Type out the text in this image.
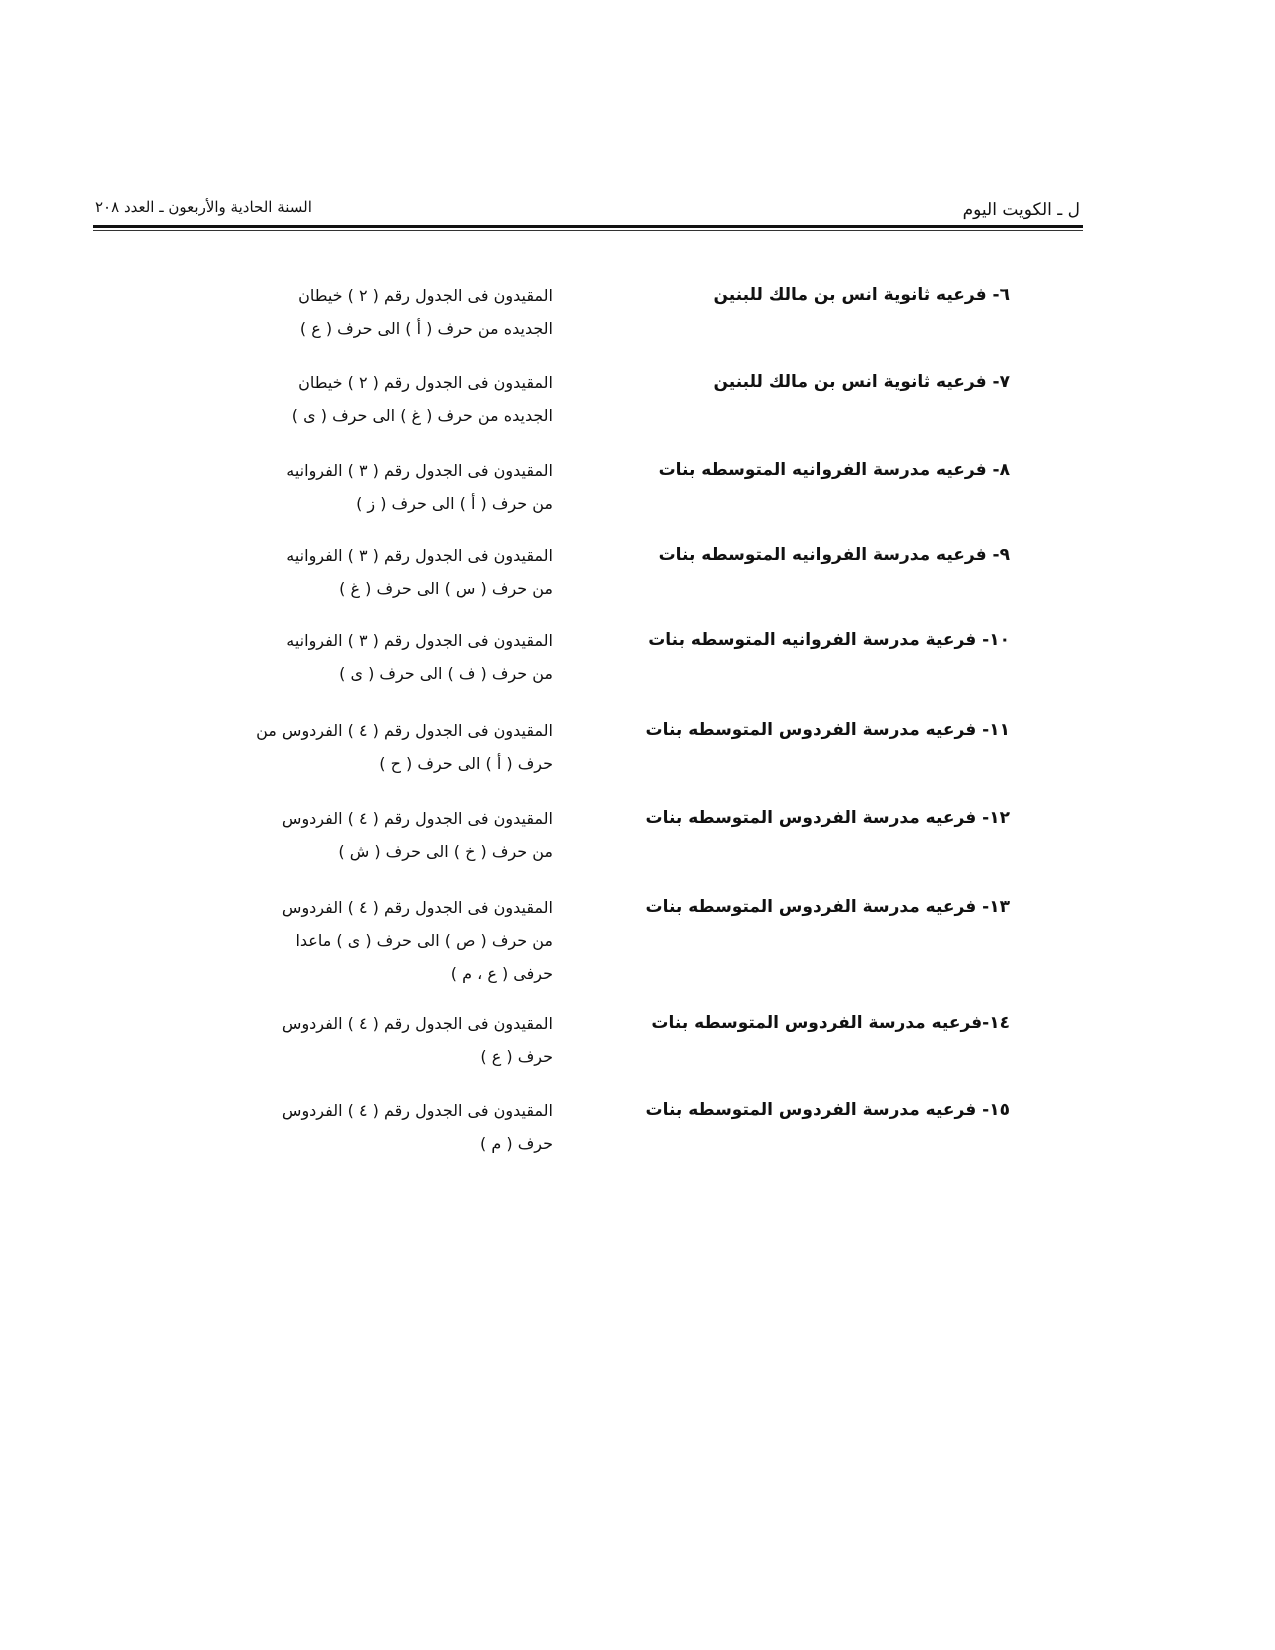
ل ـ الكويت اليوم
السنة الحادية والأربعون ـ العدد ٢٠٨
٦- فرعيه ثانوية انس بن مالك للبنين
المقيدون فى الجدول رقم ( ٢ ) خيطان
الجديده من حرف ( أ ) الى حرف ( ع )
٧- فرعيه ثانوية انس بن مالك للبنين
المقيدون فى الجدول رقم ( ٢ ) خيطان
الجديده من حرف ( غ ) الى حرف ( ى )
٨- فرعيه مدرسة الفروانيه المتوسطه بنات
المقيدون فى الجدول رقم ( ٣ ) الفروانيه
من حرف ( أ ) الى حرف ( ز )
٩- فرعيه مدرسة الفروانيه المتوسطه بنات
المقيدون فى الجدول رقم ( ٣ ) الفروانيه
من حرف ( س ) الى حرف ( غ )
١٠- فرعية مدرسة الفروانيه المتوسطه بنات
المقيدون فى الجدول رقم ( ٣ ) الفروانيه
من حرف ( ف ) الى حرف ( ى )
١١- فرعيه مدرسة الفردوس المتوسطه بنات
المقيدون فى الجدول رقم ( ٤ ) الفردوس من
حرف ( أ ) الى حرف ( ح )
١٢- فرعيه مدرسة الفردوس المتوسطه بنات
المقيدون فى الجدول رقم ( ٤ ) الفردوس
من حرف ( خ ) الى حرف ( ش )
١٣- فرعيه مدرسة الفردوس المتوسطه بنات
المقيدون فى الجدول رقم ( ٤ ) الفردوس
من حرف ( ص ) الى حرف ( ى ) ماعدا
حرفى ( ع ، م )
١٤-فرعيه مدرسة الفردوس المتوسطه بنات
المقيدون فى الجدول رقم ( ٤ ) الفردوس
حرف ( ع )
١٥- فرعيه مدرسة الفردوس المتوسطه بنات
المقيدون فى الجدول رقم ( ٤ ) الفردوس
حرف ( م )
